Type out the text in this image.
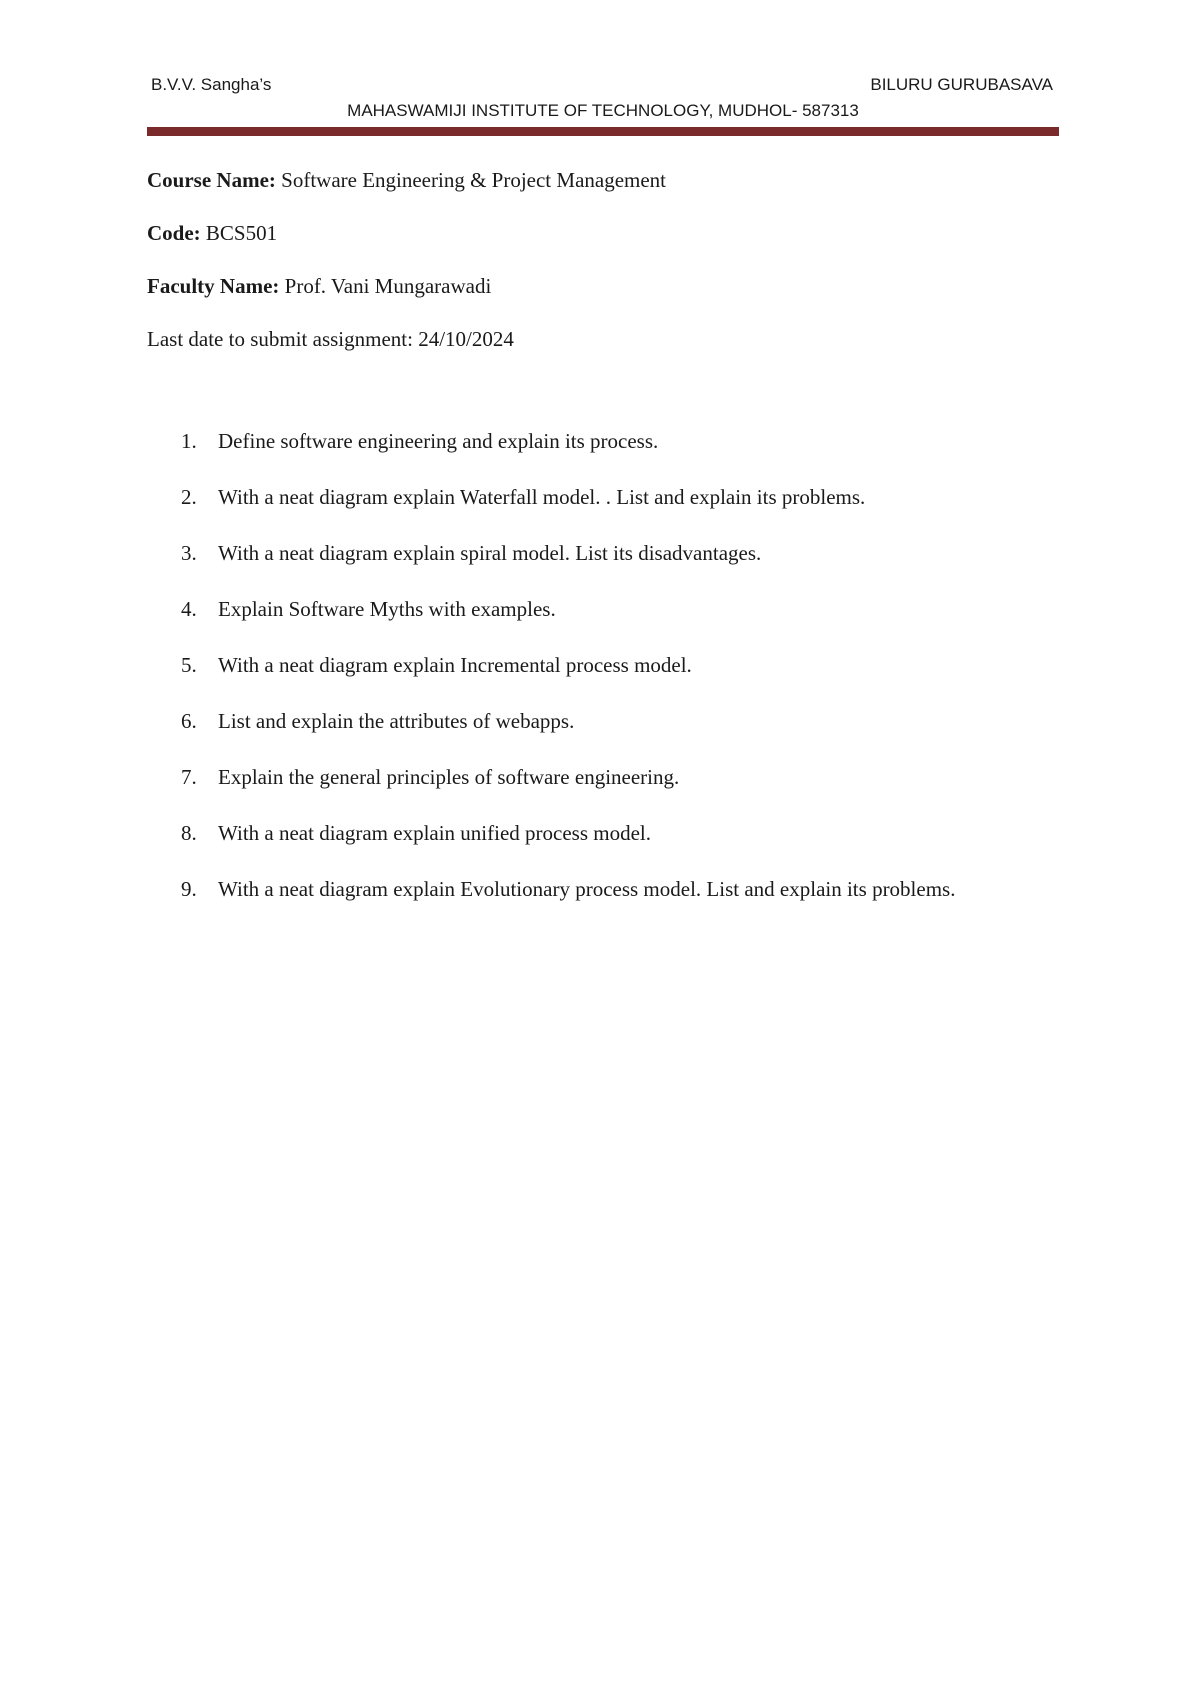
B.V.V. Sangha’s	BILURU GURUBASAVA
MAHASWAMIJI INSTITUTE OF TECHNOLOGY, MUDHOL- 587313
Course Name: Software Engineering & Project Management
Code: BCS501
Faculty Name: Prof. Vani Mungarawadi
Last date to submit assignment: 24/10/2024
1. Define software engineering and explain its process.
2. With a neat diagram explain Waterfall model. . List and explain its problems.
3. With a neat diagram explain spiral model. List its disadvantages.
4. Explain Software Myths with examples.
5. With a neat diagram explain Incremental process model.
6. List and explain the attributes of webapps.
7. Explain the general principles of software engineering.
8. With a neat diagram explain unified process model.
9. With a neat diagram explain Evolutionary process model. List and explain its problems.
